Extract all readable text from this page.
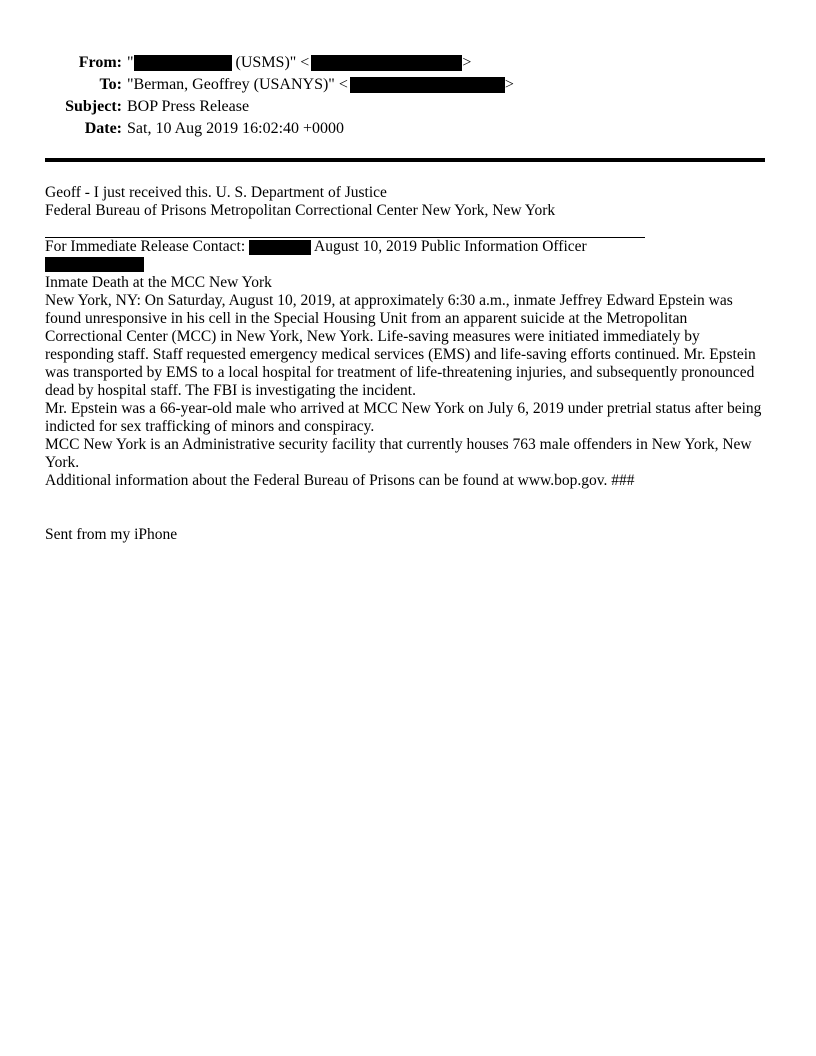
From: "	(USMS)" <	>
To: "Berman, Geoffrey (USANYS)" <	>
Subject: BOP Press Release
Date: Sat, 10 Aug 2019 16:02:40 +0000

Geoff - I just received this. U. S. Department of Justice

Federal Bureau of Prisons Metropolitan Correctional Center New York, New York

For Immediate Release Contact:	August 10, 2019 Public Information Officer

Inmate Death at the MCC New York

New York, NY: On Saturday, August 10, 2019, at approximately 6:30 a.m., inmate Jeffrey Edward Epstein was found unresponsive in his cell in the Special Housing Unit from an apparent suicide at the Metropolitan Correctional Center (MCC) in New York, New York. Life-saving measures were initiated immediately by responding staff. Staff requested emergency medical services (EMS) and life-saving efforts continued. Mr. Epstein was transported by EMS to a local hospital for treatment of life-threatening injuries, and subsequently pronounced dead by hospital staff. The FBI is investigating the incident.

Mr. Epstein was a 66-year-old male who arrived at MCC New York on July 6, 2019 under pretrial status after being indicted for sex trafficking of minors and conspiracy.

MCC New York is an Administrative security facility that currently houses 763 male offenders in New York, New York.

Additional information about the Federal Bureau of Prisons can be found at www.bop.gov. ###

Sent from my iPhone
